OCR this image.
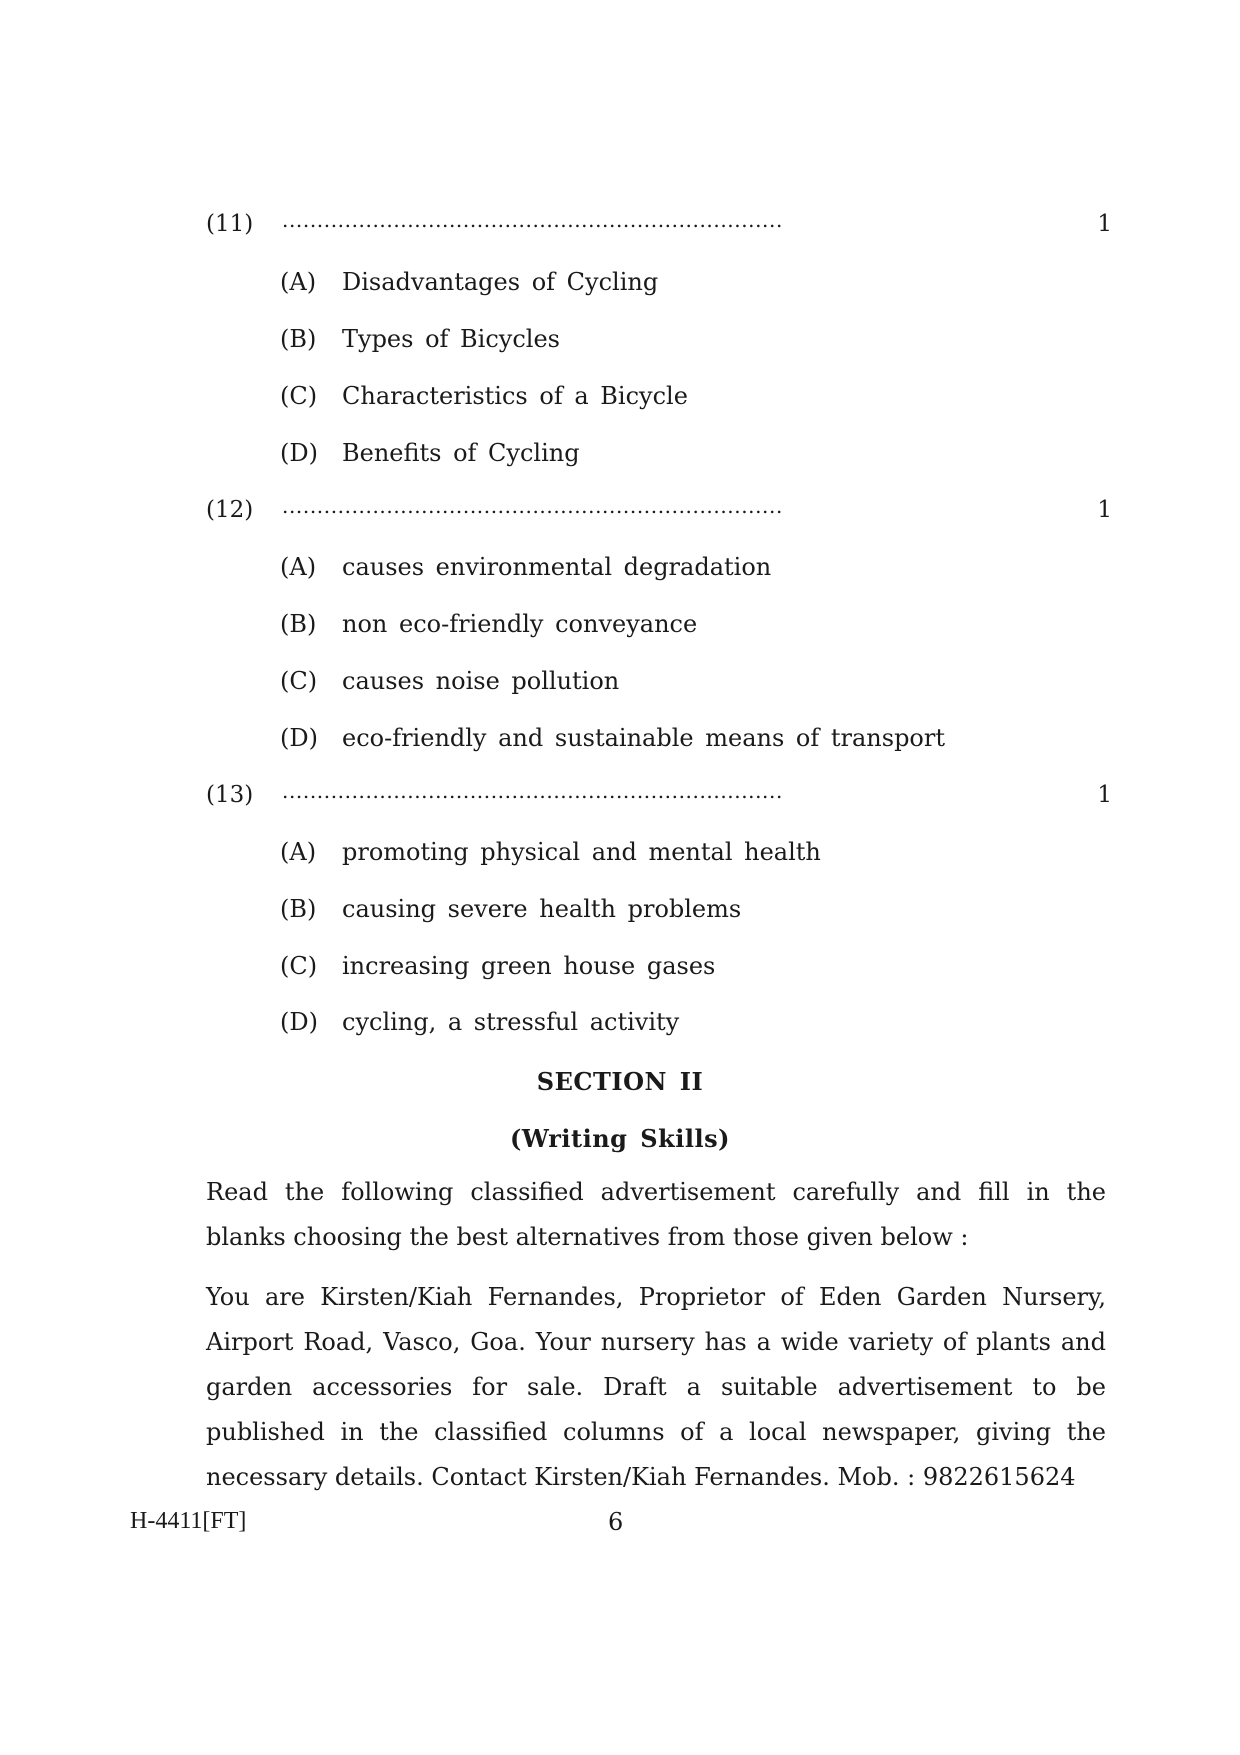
(11) ........................................................................	1
(A) Disadvantages of Cycling
(B) Types of Bicycles
(C) Characteristics of a Bicycle
(D) Benefits of Cycling
(12) ........................................................................	1
(A) causes environmental degradation
(B) non eco-friendly conveyance
(C) causes noise pollution
(D) eco-friendly and sustainable means of transport
(13) ........................................................................	1
(A) promoting physical and mental health
(B) causing severe health problems
(C) increasing green house gases
(D) cycling, a stressful activity
SECTION II
(Writing Skills)
Read the following classified advertisement carefully and fill in the blanks choosing the best alternatives from those given below :
You are Kirsten/Kiah Fernandes, Proprietor of Eden Garden Nursery, Airport Road, Vasco, Goa. Your nursery has a wide variety of plants and garden accessories for sale. Draft a suitable advertisement to be published in the classified columns of a local newspaper, giving the necessary details. Contact Kirsten/Kiah Fernandes. Mob. : 9822615624
H-4411[FT]	6
